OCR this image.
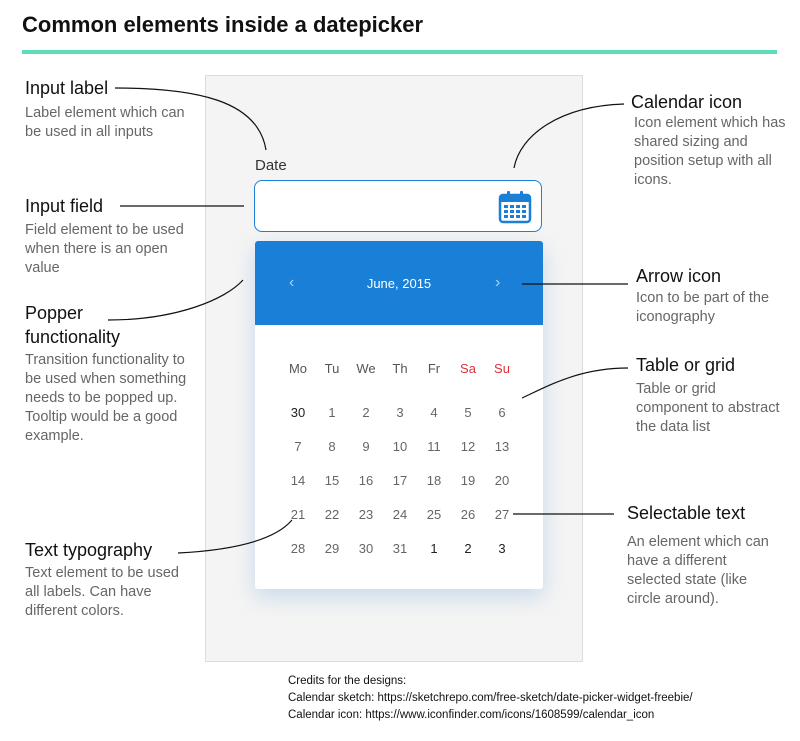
Common elements inside a datepicker
Date
‹	June, 2015	›
Mo	Tu	We	Th	Fr	Sa	Su
30	1	2	3	4	5	6
7	8	9	10	11	12	13
14	15	16	17	18	19	20
21	22	23	24	25	26	27
28	29	30	31	1	2	3
Input label
Label element which can be used in all inputs
Input field
Field element to be used when there is an open value
Popper functionality
Transition functionality to be used when something needs to be popped up. Tooltip would be a good example.
Text typography
Text element to be used all labels. Can have different colors.
Calendar icon
Icon element which has shared sizing and position setup with all icons.
Arrow icon
Icon to be part of the iconography
Table or grid
Table or grid component to abstract the data list
Selectable text
An element which can have a different selected state (like circle around).
Credits for the designs:
Calendar sketch: https://sketchrepo.com/free-sketch/date-picker-widget-freebie/
Calendar icon: https://www.iconfinder.com/icons/1608599/calendar_icon
